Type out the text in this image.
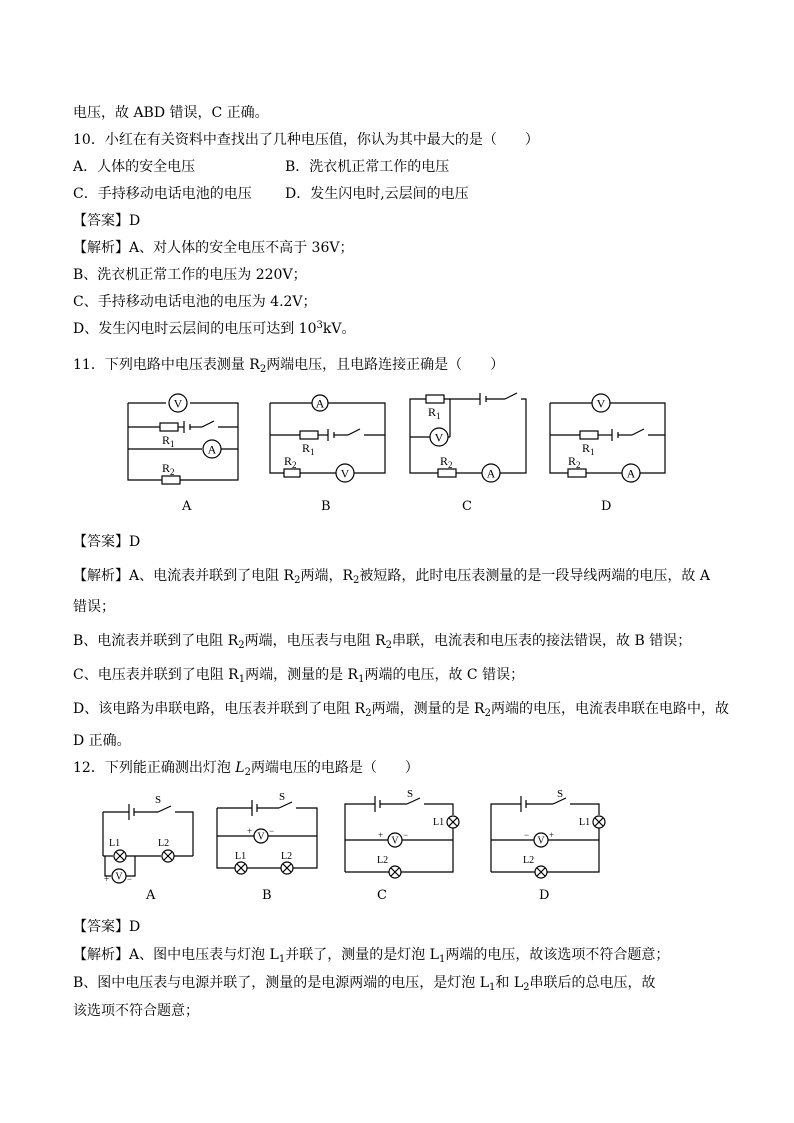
电压，故 ABD 错误，C 正确。
10．小红在有关资料中查找出了几种电压值，你认为其中最大的是（　　）
A．人体的安全电压	B．洗衣机正常工作的电压
C．手持移动电话电池的电压 D．发生闪电时,云层间的电压
【答案】D
【解析】A、对人体的安全电压不高于 36V；
B、洗衣机正常工作的电压为 220V；
C、手持移动电话电池的电压为 4.2V；
D、发生闪电时云层间的电压可达到 $10^3kV$。
11．下列电路中电压表测量 $R_2$两端电压，且电路连接正确是（　　）
V
$R_1$	A
$R_2$
A
$R_1$
$R_2$
V
$R_1$
V
$R_2$
A
V
$R_1$
$R_2$
A
A	B	C	D
【答案】D
【解析】A、电流表并联到了电阻 $R_2$两端，$R_2$被短路，此时电压表测量的是一段导线两端的电压，故 A
错误；
B、电流表并联到了电阻 $R_2$两端，电压表与电阻 $R_2$串联，电流表和电压表的接法错误，故 B 错误；
C、电压表并联到了电阻 $R_1$两端，测量的是 $R_1$两端的电压，故 C 错误；
D、该电路为串联电路，电压表并联到了电阻 $R_2$两端，测量的是 $R_2$两端的电压，电流表串联在电路中，故
D 正确。
12．下列能正确测出灯泡 $L_2$两端电压的电路是（　　）
S
L1	L2
V
+ −
S
V
+ −
L1	L2
S
L1
V
+ −
L2
S
L1
V
− +
L2
A	B	C	D
【答案】D
【解析】A、图中电压表与灯泡 $L_1$并联了，测量的是灯泡 $L_1$两端的电压，故该选项不符合题意；
B、图中电压表与电源并联了，测量的是电源两端的电压，是灯泡 $L_1$和 $L_2$串联后的总电压，故
该选项不符合题意；
